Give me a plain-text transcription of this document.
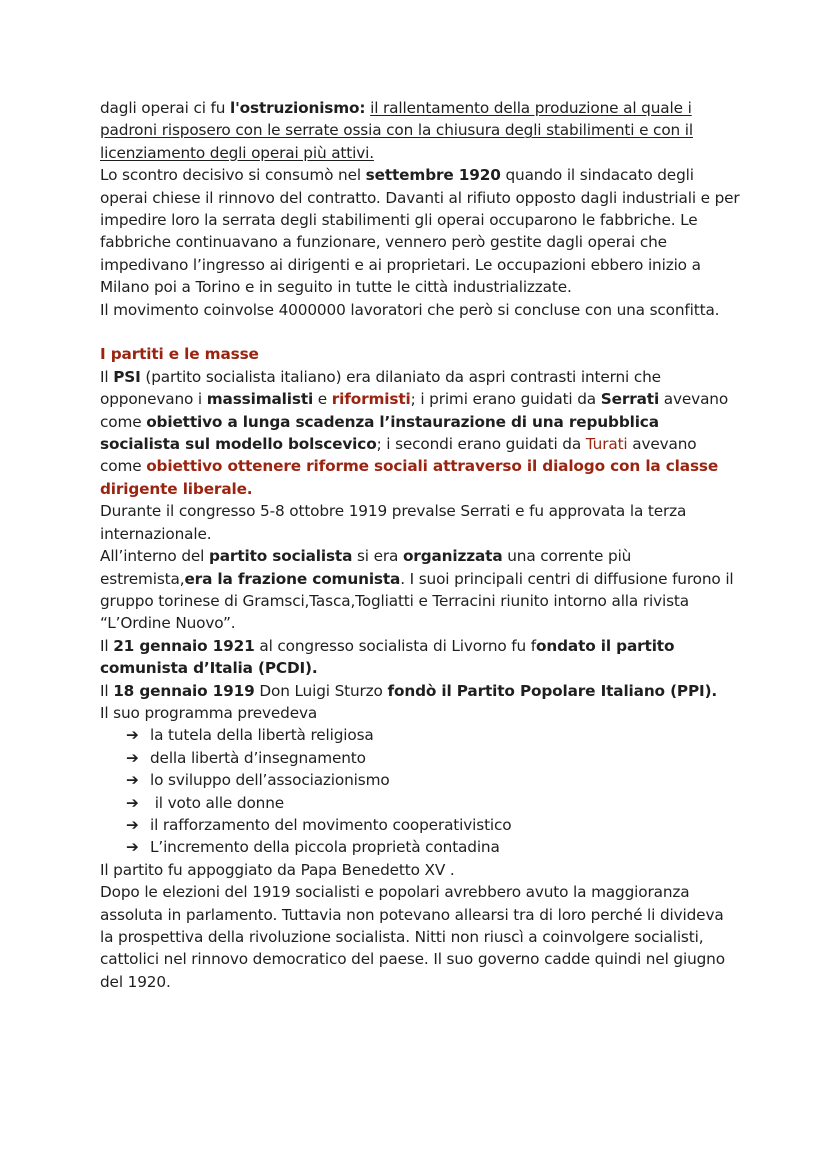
dagli operai ci fu l'ostruzionismo: il rallentamento della produzione al quale i padroni risposero con le serrate ossia con la chiusura degli stabilimenti e con il licenziamento degli operai più attivi.

Lo scontro decisivo si consumò nel settembre 1920 quando il sindacato degli operai chiese il rinnovo del contratto. Davanti al rifiuto opposto dagli industriali e per impedire loro la serrata degli stabilimenti gli operai occuparono le fabbriche. Le fabbriche continuavano a funzionare, vennero però gestite dagli operai che impedivano l’ingresso ai dirigenti e ai proprietari. Le occupazioni ebbero inizio a Milano poi a Torino e in seguito in tutte le città industrializzate.

Il movimento coinvolse 4000000 lavoratori che però si concluse con una sconfitta.

I partiti e le masse

Il PSI (partito socialista italiano) era dilaniato da aspri contrasti interni che opponevano i massimalisti e riformisti; i primi erano guidati da Serrati avevano come obiettivo a lunga scadenza l’instaurazione di una repubblica socialista sul modello bolscevico; i secondi erano guidati da Turati avevano come obiettivo ottenere riforme sociali attraverso il dialogo con la classe dirigente liberale.

Durante il congresso 5-8 ottobre 1919 prevalse Serrati e fu approvata la terza internazionale.

All’interno del partito socialista si era organizzata una corrente più estremista,era la frazione comunista. I suoi principali centri di diffusione furono il gruppo torinese di Gramsci,Tasca,Togliatti e Terracini riunito intorno alla rivista “L’Ordine Nuovo”.

Il 21 gennaio 1921 al congresso socialista di Livorno fu fondato il partito comunista d’Italia (PCDI).

Il 18 gennaio 1919 Don Luigi Sturzo fondò il Partito Popolare Italiano (PPI).

Il suo programma prevedeva

➔ la tutela della libertà religiosa
➔ della libertà d’insegnamento
➔ lo sviluppo dell’associazionismo
➔ il voto alle donne
➔ il rafforzamento del movimento cooperativistico
➔ L’incremento della piccola proprietà contadina

Il partito fu appoggiato da Papa Benedetto XV .

Dopo le elezioni del 1919 socialisti e popolari avrebbero avuto la maggioranza assoluta in parlamento. Tuttavia non potevano allearsi tra di loro perché li divideva la prospettiva della rivoluzione socialista. Nitti non riuscì a coinvolgere socialisti, cattolici nel rinnovo democratico del paese. Il suo governo cadde quindi nel giugno del 1920.
